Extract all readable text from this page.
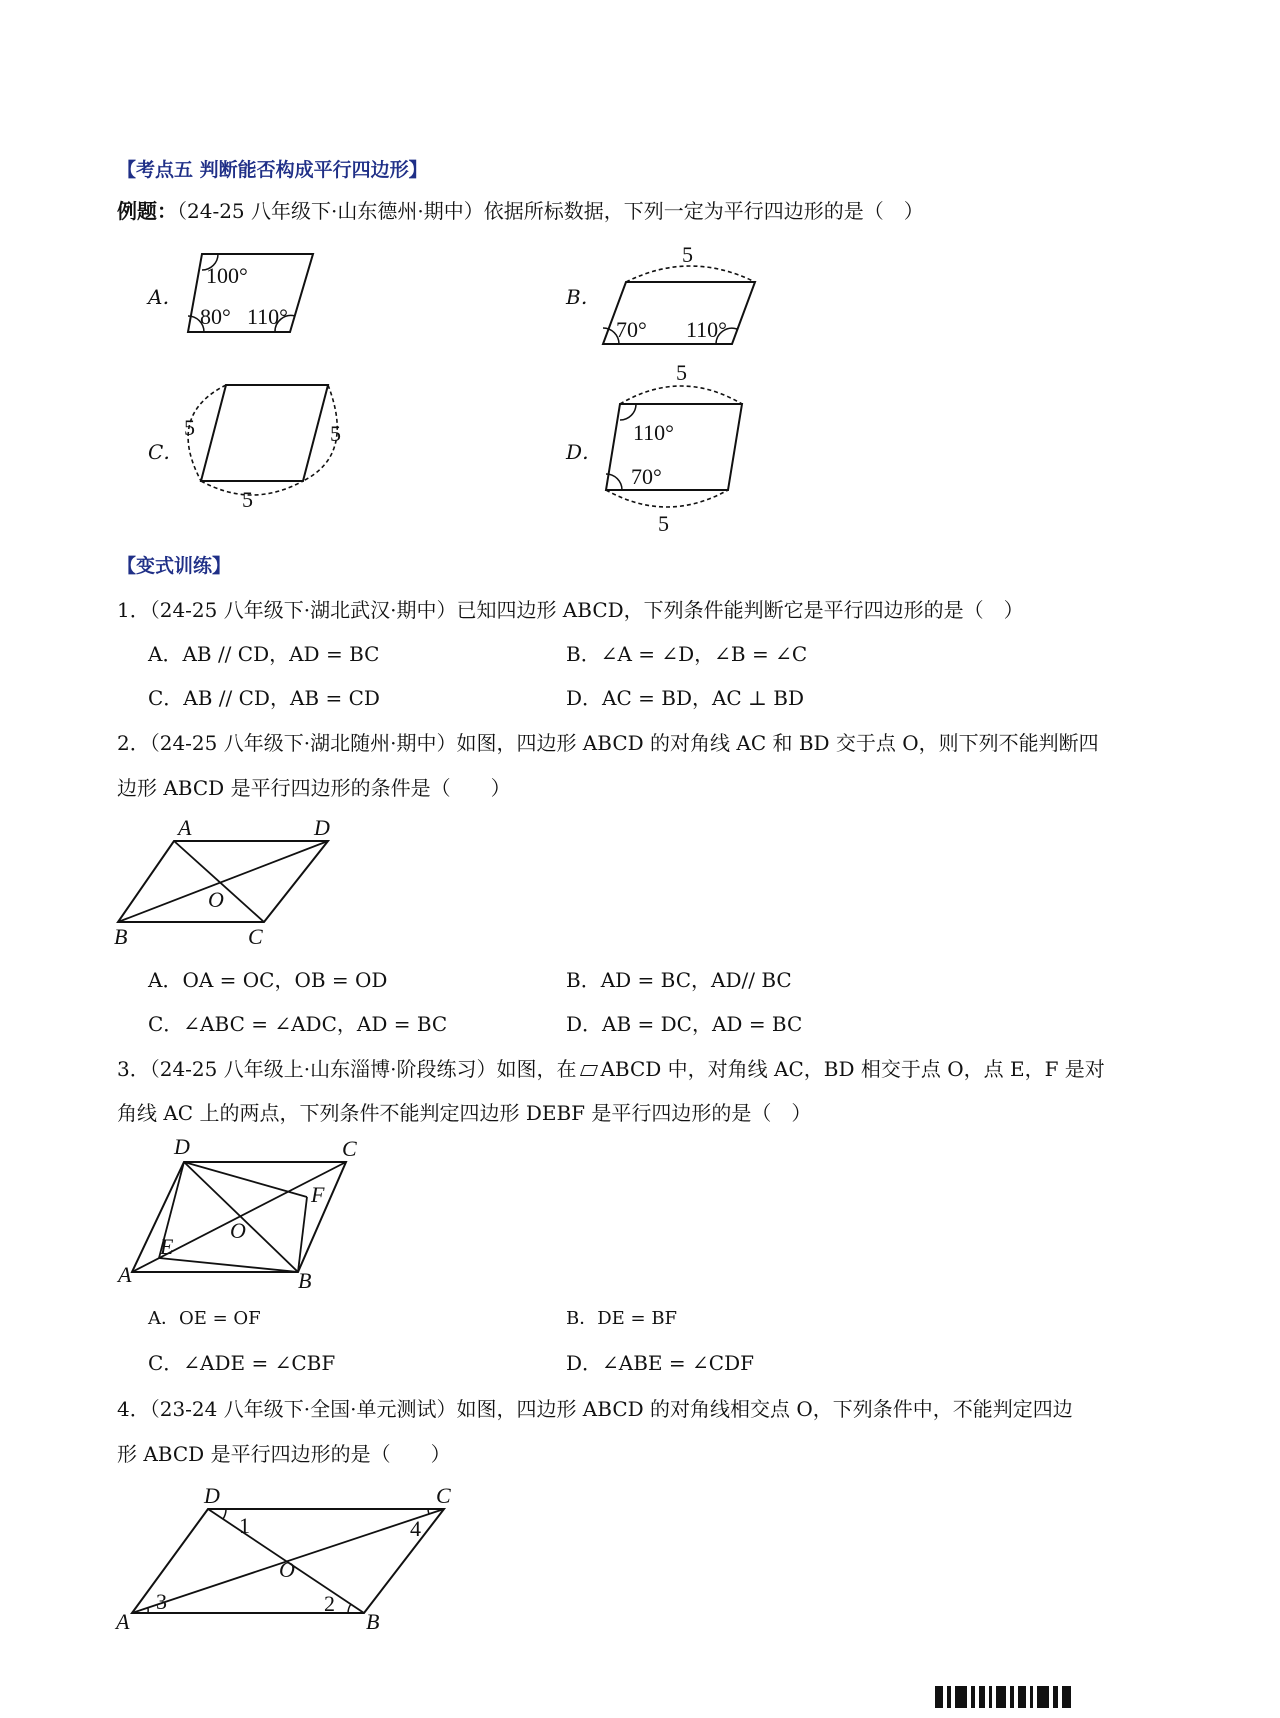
【考点五 判断能否构成平行四边形】
例题：（24-25 八年级下·山东德州·期中）依据所标数据，下列一定为平行四边形的是（　）
A．
100°
80° 110°
B．
5
70° 110°
C．
5	5
5
D．
5
110°
70°
5
【变式训练】
1．（24-25 八年级下·湖北武汉·期中）已知四边形 ABCD，下列条件能判断它是平行四边形的是（　）
A．AB // CD，AD = BC	B．∠A = ∠D，∠B = ∠C
C．AB // CD，AB = CD	D．AC = BD，AC ⊥ BD
2．（24-25 八年级下·湖北随州·期中）如图，四边形 ABCD 的对角线 AC 和 BD 交于点 O，则下列不能判断四
边形 ABCD 是平行四边形的条件是（　　）
A	D
O
B	C
A．OA = OC，OB = OD	B．AD = BC，AD// BC
C．∠ABC = ∠ADC，AD = BC	D．AB = DC，AD = BC
3．（24-25 八年级上·山东淄博·阶段练习）如图，在 ABCD 中，对角线 AC，BD 相交于点 O，点 E，F 是对
角线 AC 上的两点，下列条件不能判定四边形 DEBF 是平行四边形的是（　）
D	C
F
O
E
A	B
A．OE = OF	B．DE = BF
C．∠ADE = ∠CBF	D．∠ABE = ∠CDF
4．（23-24 八年级下·全国·单元测试）如图，四边形 ABCD 的对角线相交点 O，下列条件中，不能判定四边
形 ABCD 是平行四边形的是（　　）
D
1
C
4
O
3	2
A	B
